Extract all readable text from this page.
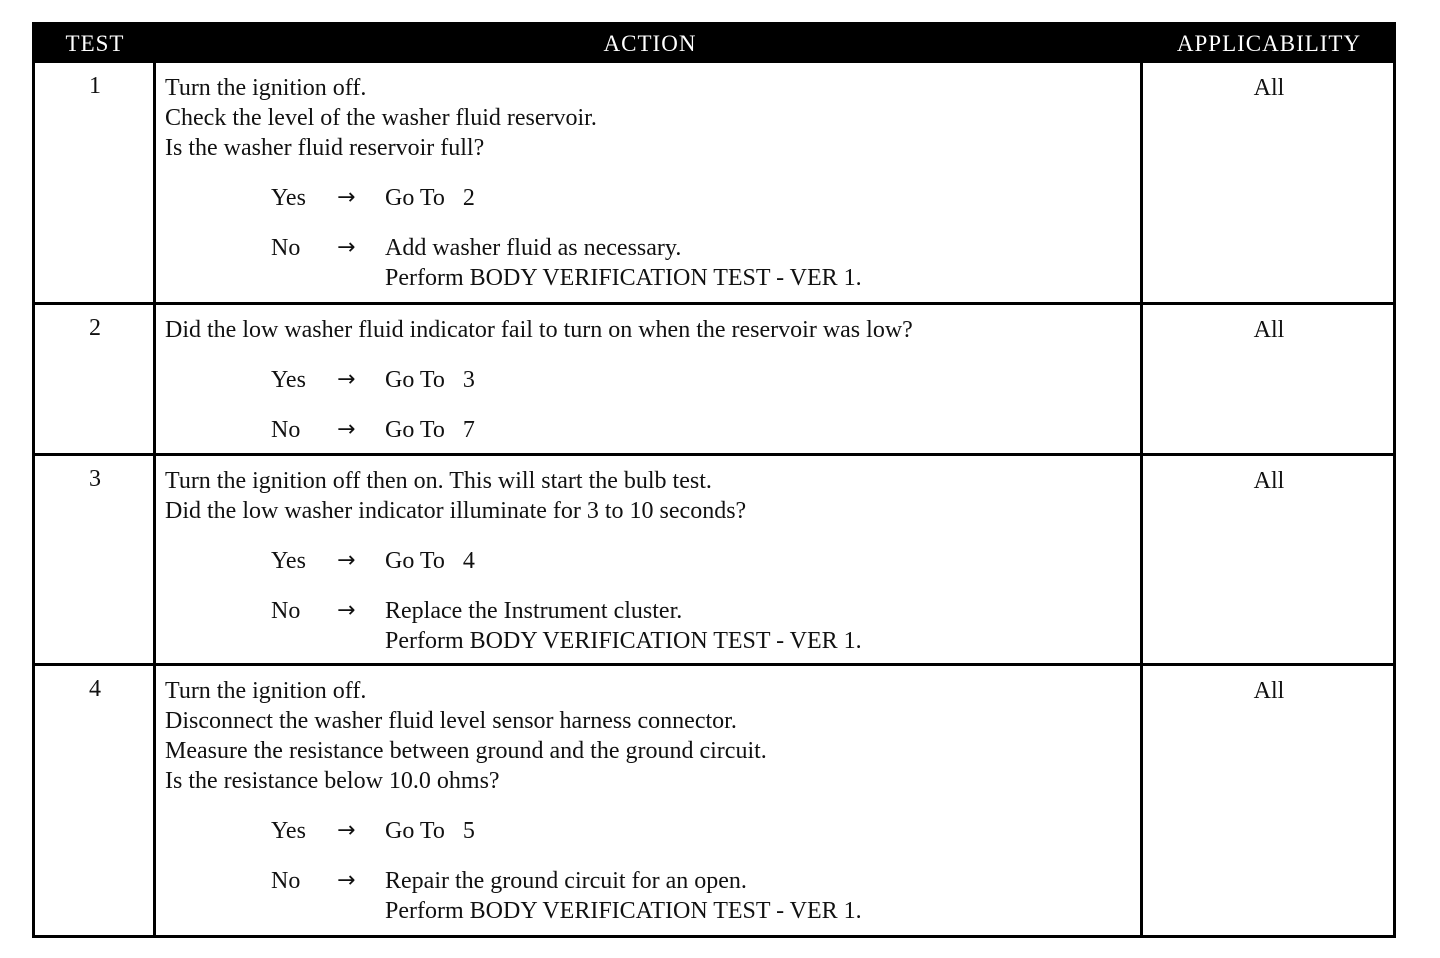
TEST	ACTION	APPLICABILITY
1	Turn the ignition off.
Check the level of the washer fluid reservoir.
Is the washer fluid reservoir full?
Yes	→	Go To   2
No	→	Add washer fluid as necessary.
Perform BODY VERIFICATION TEST - VER 1.
All
2	Did the low washer fluid indicator fail to turn on when the reservoir was low?
Yes	→	Go To   3
No	→	Go To   7
All
3	Turn the ignition off then on. This will start the bulb test.
Did the low washer indicator illuminate for 3 to 10 seconds?
Yes	→	Go To   4
No	→	Replace the Instrument cluster.
Perform BODY VERIFICATION TEST - VER 1.
All
4	Turn the ignition off.
Disconnect the washer fluid level sensor harness connector.
Measure the resistance between ground and the ground circuit.
Is the resistance below 10.0 ohms?
Yes	→	Go To   5
No	→	Repair the ground circuit for an open.
Perform BODY VERIFICATION TEST - VER 1.
All
